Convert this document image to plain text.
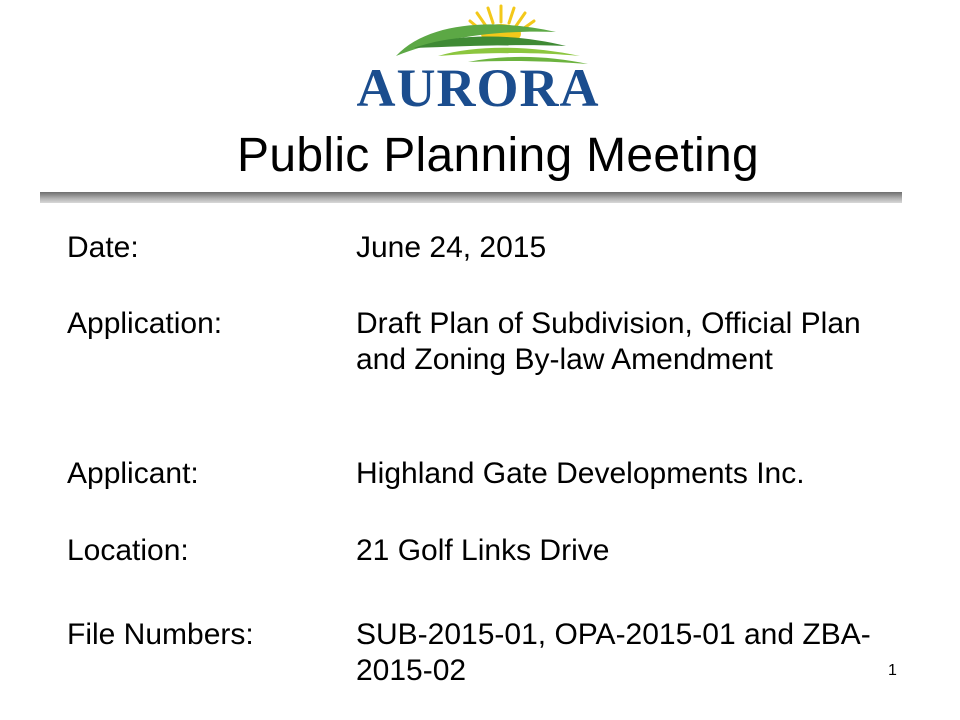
AURORA
Public Planning Meeting
Date:	June 24, 2015
Application:	Draft Plan of Subdivision, Official Plan and Zoning By-law Amendment
Applicant:	Highland Gate Developments Inc.
Location:	21 Golf Links Drive
File Numbers:	SUB-2015-01, OPA-2015-01 and ZBA-2015-02	1
